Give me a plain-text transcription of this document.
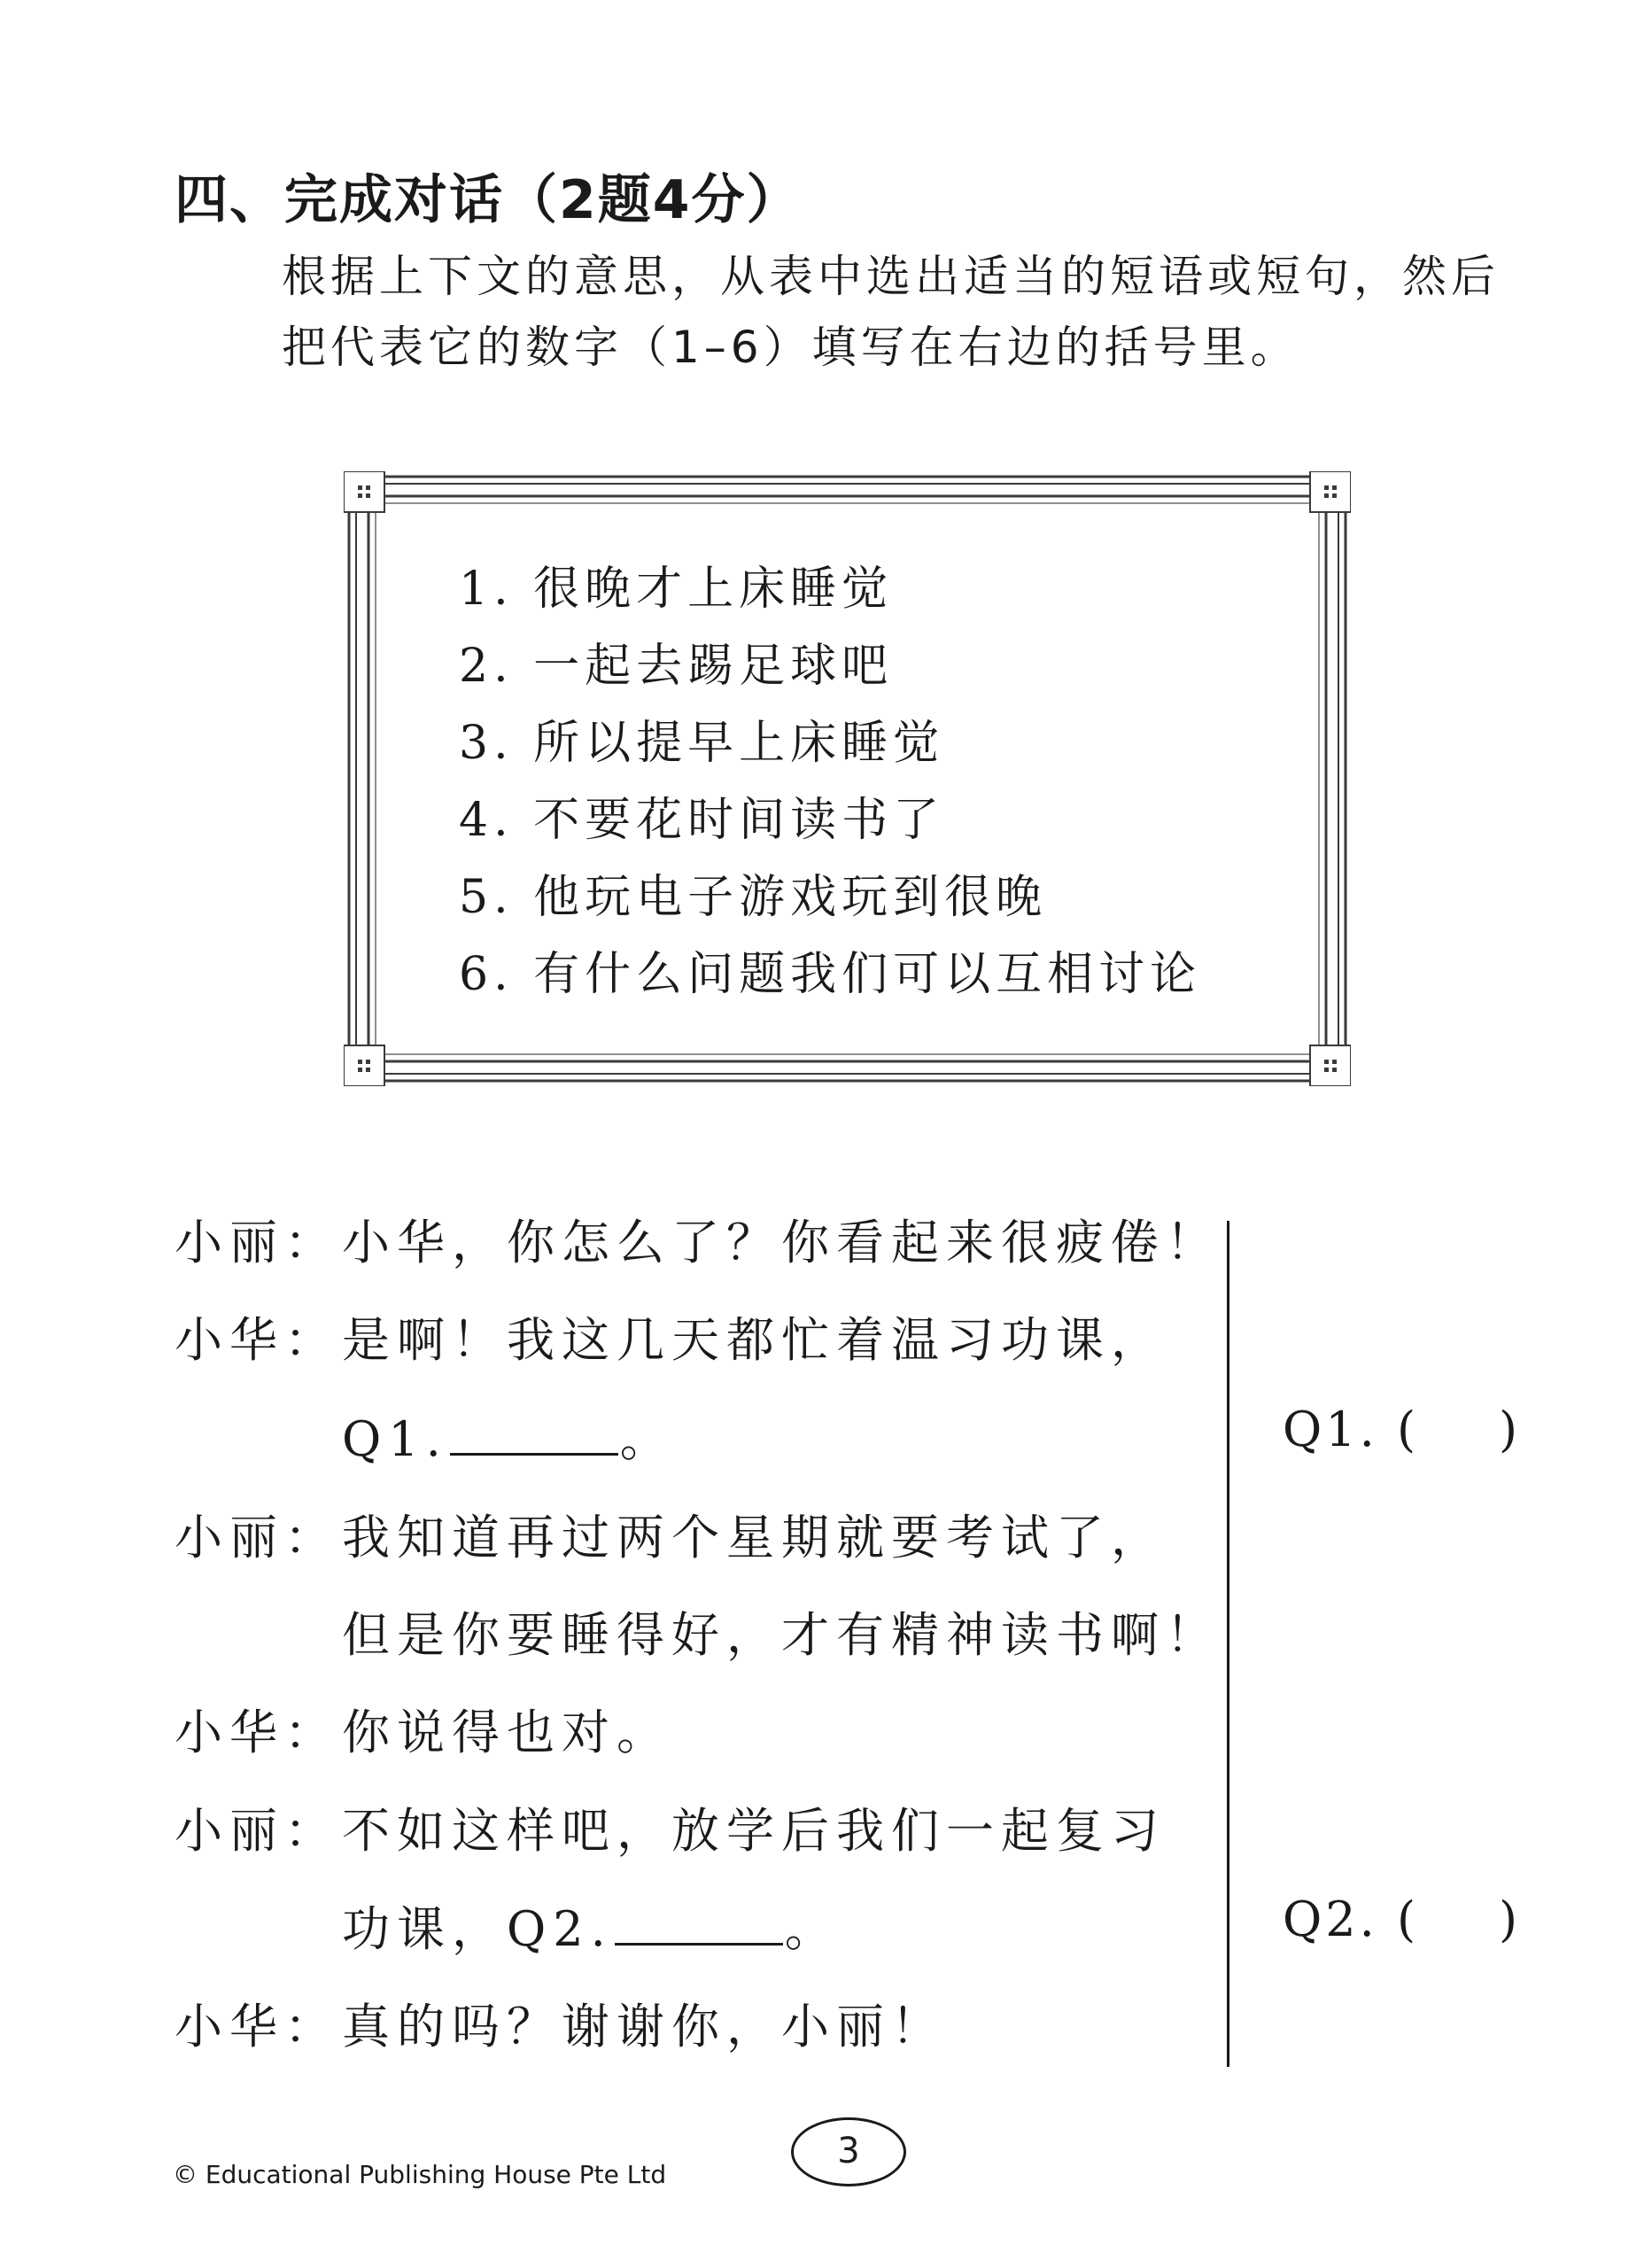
四、完成对话（2题4分）
根据上下文的意思，从表中选出适当的短语或短句，然后
把代表它的数字（1–6）填写在右边的括号里。
1. 很晚才上床睡觉
2. 一起去踢足球吧
3. 所以提早上床睡觉
4. 不要花时间读书了
5. 他玩电子游戏玩到很晚
6. 有什么问题我们可以互相讨论
小丽： 小华，你怎么了？你看起来很疲倦！
小华： 是啊！我这几天都忙着温习功课，
Q1.	。
小丽： 我知道再过两个星期就要考试了，
但是你要睡得好，才有精神读书啊！
小华： 你说得也对。
小丽： 不如这样吧，放学后我们一起复习
功课，Q2.	。
小华： 真的吗？谢谢你，小丽！
Q1. ( )
Q2. ( )
© Educational Publishing House Pte Ltd
3
